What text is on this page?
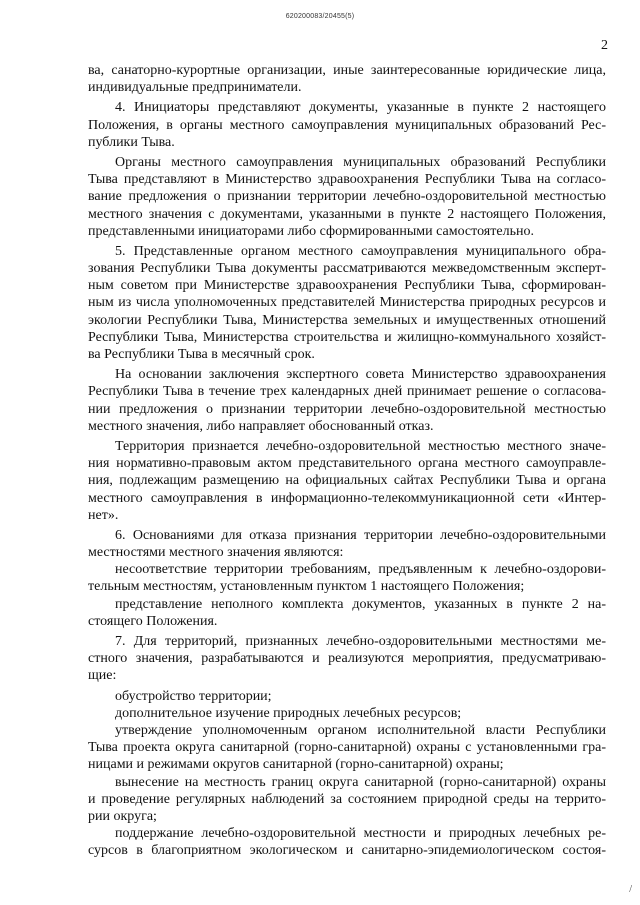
620200083/20455(5)
2
ва, санаторно-курортные организации, иные заинтересованные юридические лица,
индивидуальные предприниматели.
4. Инициаторы представляют документы, указанные в пункте 2 настоящего
Положения, в органы местного самоуправления муниципальных образований Рес-
публики Тыва.
Органы местного самоуправления муниципальных образований Республики
Тыва представляют в Министерство здравоохранения Республики Тыва на согласо-
вание предложения о признании территории лечебно-оздоровительной местностью
местного значения с документами, указанными в пункте 2 настоящего Положения,
представленными инициаторами либо сформированными самостоятельно.
5. Представленные органом местного самоуправления муниципального обра-
зования Республики Тыва документы рассматриваются межведомственным эксперт-
ным советом при Министерстве здравоохранения Республики Тыва, сформирован-
ным из числа уполномоченных представителей Министерства природных ресурсов и
экологии Республики Тыва, Министерства земельных и имущественных отношений
Республики Тыва, Министерства строительства и жилищно-коммунального хозяйст-
ва Республики Тыва в месячный срок.
На основании заключения экспертного совета Министерство здравоохранения
Республики Тыва в течение трех календарных дней принимает решение о согласова-
нии предложения о признании территории лечебно-оздоровительной местностью
местного значения, либо направляет обоснованный отказ.
Территория признается лечебно-оздоровительной местностью местного значе-
ния нормативно-правовым актом представительного органа местного самоуправле-
ния, подлежащим размещению на официальных сайтах Республики Тыва и органа
местного самоуправления в информационно-телекоммуникационной сети «Интер-
нет».
6. Основаниями для отказа признания территории лечебно-оздоровительными
местностями местного значения являются:
несоответствие территории требованиям, предъявленным к лечебно-оздорови-
тельным местностям, установленным пунктом 1 настоящего Положения;
представление неполного комплекта документов, указанных в пункте 2 на-
стоящего Положения.
7. Для территорий, признанных лечебно-оздоровительными местностями ме-
стного значения, разрабатываются и реализуются мероприятия, предусматриваю-
щие:
обустройство территории;
дополнительное изучение природных лечебных ресурсов;
утверждение уполномоченным органом исполнительной власти Республики
Тыва проекта округа санитарной (горно-санитарной) охраны с установленными гра-
ницами и режимами округов санитарной (горно-санитарной) охраны;
вынесение на местность границ округа санитарной (горно-санитарной) охраны
и проведение регулярных наблюдений за состоянием природной среды на террито-
рии округа;
поддержание лечебно-оздоровительной местности и природных лечебных ре-
сурсов в благоприятном экологическом и санитарно-эпидемиологическом состоя-
/
